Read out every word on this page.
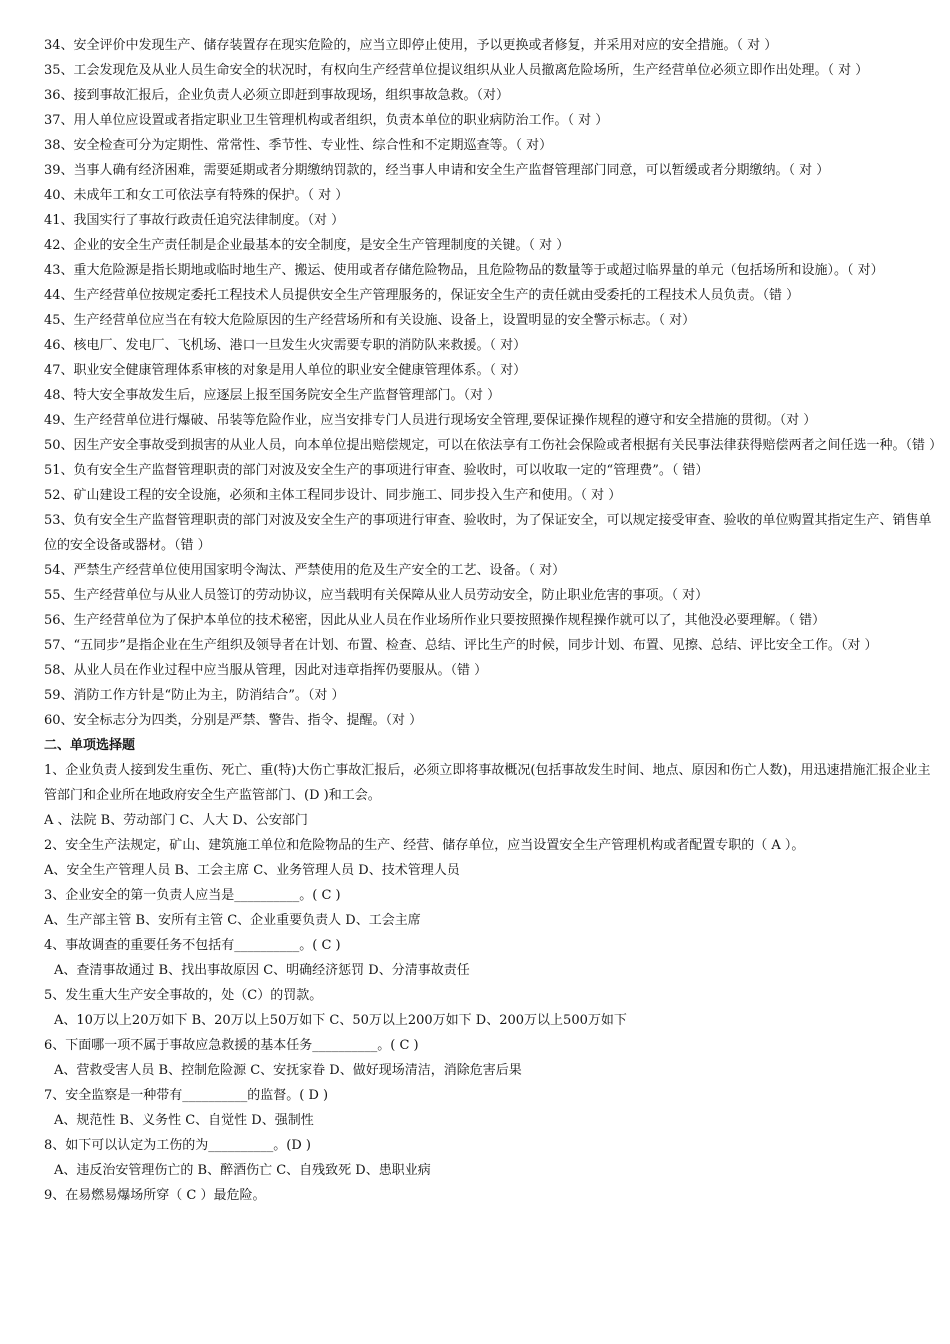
34、安全评价中发现生产、储存装置存在现实危险的，应当立即停止使用，予以更换或者修复，并采用对应的安全措施。（ 对 ）
35、工会发现危及从业人员生命安全的状况时，有权向生产经营单位提议组织从业人员撤离危险场所，生产经营单位必须立即作出处理。（ 对 ）
36、接到事故汇报后，企业负责人必须立即赶到事故现场，组织事故急救。（对）
37、用人单位应设置或者指定职业卫生管理机构或者组织，负责本单位的职业病防治工作。（ 对 ）
38、安全检查可分为定期性、常常性、季节性、专业性、综合性和不定期巡查等。（ 对）
39、当事人确有经济困难，需要延期或者分期缴纳罚款的，经当事人申请和安全生产监督管理部门同意，可以暂缓或者分期缴纳。（ 对 ）
40、未成年工和女工可依法享有特殊的保护。（ 对 ）
41、我国实行了事故行政责任追究法律制度。（对 ）
42、企业的安全生产责任制是企业最基本的安全制度，是安全生产管理制度的关键。（ 对 ）
43、重大危险源是指长期地或临时地生产、搬运、使用或者存储危险物品，且危险物品的数量等于或超过临界量的单元（包括场所和设施）。（ 对）
44、生产经营单位按规定委托工程技术人员提供安全生产管理服务的，保证安全生产的责任就由受委托的工程技术人员负责。（错 ）
45、生产经营单位应当在有较大危险原因的生产经营场所和有关设施、设备上，设置明显的安全警示标志。（ 对）
46、核电厂、发电厂、飞机场、港口一旦发生火灾需要专职的消防队来救援。（ 对）
47、职业安全健康管理体系审核的对象是用人单位的职业安全健康管理体系。（ 对）
48、特大安全事故发生后，应逐层上报至国务院安全生产监督管理部门。（对 ）
49、生产经营单位进行爆破、吊装等危险作业，应当安排专门人员进行现场安全管理,要保证操作规程的遵守和安全措施的贯彻。（对 ）
50、因生产安全事故受到损害的从业人员，向本单位提出赔偿规定，可以在依法享有工伤社会保险或者根据有关民事法律获得赔偿两者之间任选一种。（错 ）
51、负有安全生产监督管理职责的部门对波及安全生产的事项进行审查、验收时，可以收取一定的“管理费”。（ 错）
52、矿山建设工程的安全设施，必须和主体工程同步设计、同步施工、同步投入生产和使用。（ 对 ）
53、负有安全生产监督管理职责的部门对波及安全生产的事项进行审查、验收时，为了保证安全，可以规定接受审查、验收的单位购置其指定生产、销售单位的安全设备或器材。（错 ）
54、严禁生产经营单位使用国家明令淘汰、严禁使用的危及生产安全的工艺、设备。（ 对）
55、生产经营单位与从业人员签订的劳动协议，应当载明有关保障从业人员劳动安全，防止职业危害的事项。（ 对）
56、生产经营单位为了保护本单位的技术秘密，因此从业人员在作业场所作业只要按照操作规程操作就可以了，其他没必要理解。（ 错）
57、“五同步”是指企业在生产组织及领导者在计划、布置、检查、总结、评比生产的时候，同步计划、布置、见擦、总结、评比安全工作。（对 ）
58、从业人员在作业过程中应当服从管理，因此对违章指挥仍要服从。（错 ）
59、消防工作方针是“防止为主，防消结合”。（对 ）
60、安全标志分为四类，分别是严禁、警告、指令、提醒。（对 ）
二、单项选择题
1、企业负责人接到发生重伤、死亡、重(特)大伤亡事故汇报后，必须立即将事故概况(包括事故发生时间、地点、原因和伤亡人数)，用迅速措施汇报企业主管部门和企业所在地政府安全生产监管部门、(D )和工会。
A 、法院 B、劳动部门 C、人大 D、公安部门
2、安全生产法规定，矿山、建筑施工单位和危险物品的生产、经营、储存单位，应当设置安全生产管理机构或者配置专职的（ A ）。
A、安全生产管理人员 B、工会主席 C、业务管理人员 D、技术管理人员
3、企业安全的第一负责人应当是__________。( C )
A、生产部主管 B、安所有主管 C、企业重要负责人 D、工会主席
4、事故调查的重要任务不包括有__________。( C )
A、查清事故通过 B、找出事故原因 C、明确经济惩罚 D、分清事故责任
5、发生重大生产安全事故的，处（C）的罚款。
A、10万以上20万如下 B、20万以上50万如下 C、50万以上200万如下 D、200万以上500万如下
6、下面哪一项不属于事故应急救援的基本任务__________。( C )
A、营救受害人员 B、控制危险源 C、安抚家眷 D、做好现场清洁，消除危害后果
7、安全监察是一种带有__________的监督。( D )
A、规范性 B、义务性 C、自觉性 D、强制性
8、如下可以认定为工伤的为__________。(D )
A、违反治安管理伤亡的 B、醉酒伤亡 C、自残致死 D、患职业病
9、在易燃易爆场所穿（ C ）最危险。
